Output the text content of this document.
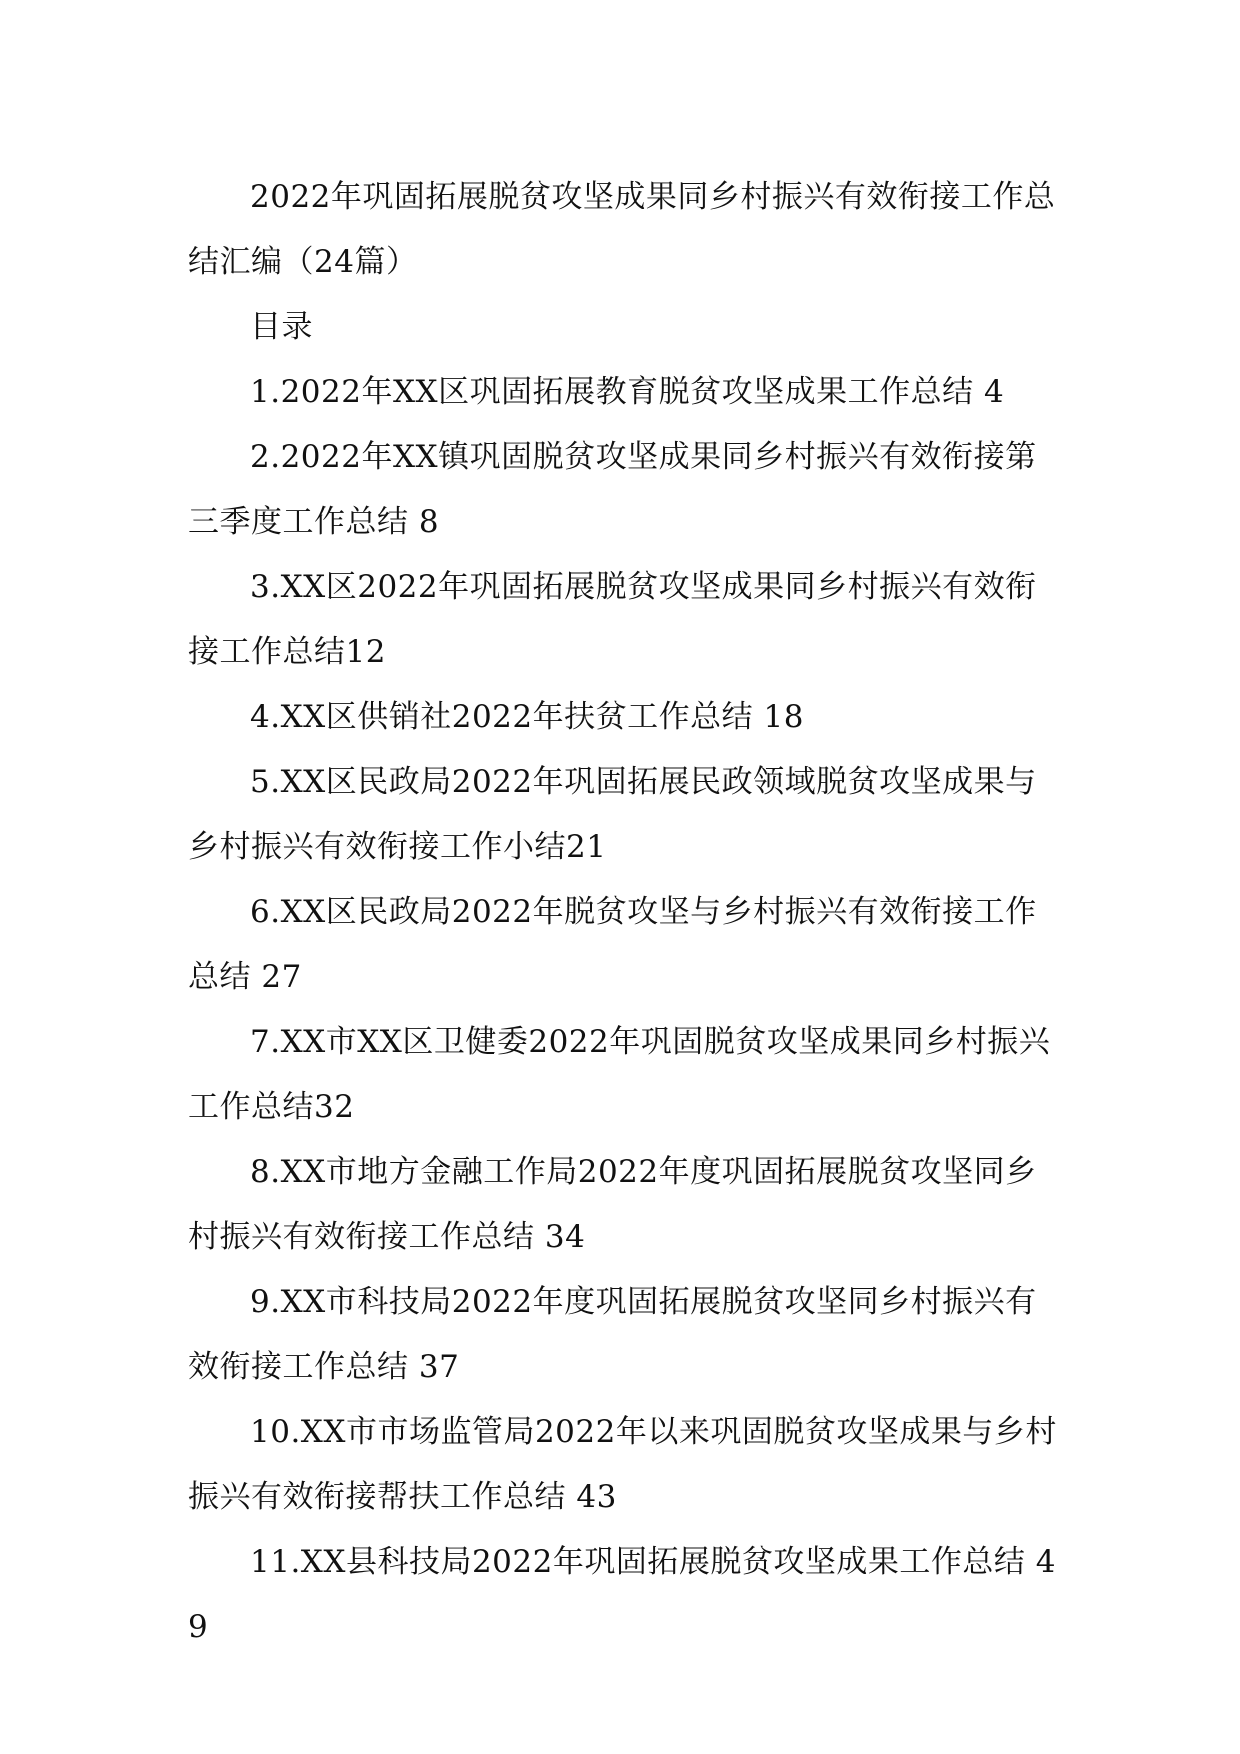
2022年巩固拓展脱贫攻坚成果同乡村振兴有效衔接工作总结汇编（24篇）

目录

1.2022年XX区巩固拓展教育脱贫攻坚成果工作总结 4

2.2022年XX镇巩固脱贫攻坚成果同乡村振兴有效衔接第三季度工作总结 8

3.XX区2022年巩固拓展脱贫攻坚成果同乡村振兴有效衔接工作总结12

4.XX区供销社2022年扶贫工作总结 18

5.XX区民政局2022年巩固拓展民政领域脱贫攻坚成果与乡村振兴有效衔接工作小结21

6.XX区民政局2022年脱贫攻坚与乡村振兴有效衔接工作总结 27

7.XX市XX区卫健委2022年巩固脱贫攻坚成果同乡村振兴工作总结32

8.XX市地方金融工作局2022年度巩固拓展脱贫攻坚同乡村振兴有效衔接工作总结 34

9.XX市科技局2022年度巩固拓展脱贫攻坚同乡村振兴有效衔接工作总结 37

10.XX市市场监管局2022年以来巩固脱贫攻坚成果与乡村振兴有效衔接帮扶工作总结 43

11.XX县科技局2022年巩固拓展脱贫攻坚成果工作总结 49
